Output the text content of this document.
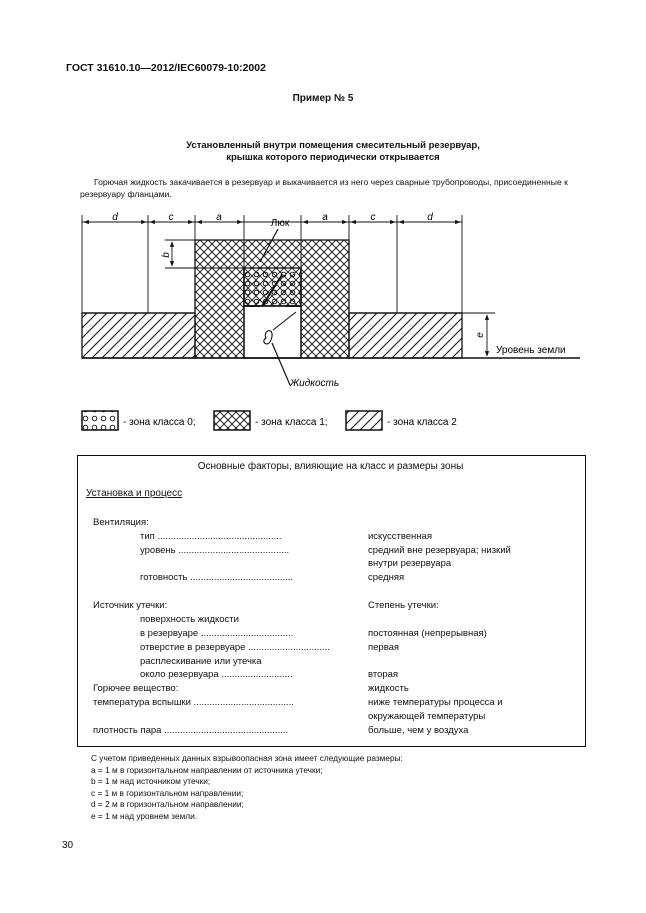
ГОСТ 31610.10—2012/IEC60079-10:2002
Пример № 5
Установленный внутри помещения смесительный резервуар,
крышка которого периодически открывается
Горючая жидкость закачивается в резервуар и выкачивается из него через сварные трубопроводы, присоединенные к резервуару фланцами.
d	c	a	a	c	d
b
e
Люк
Уровень земли
Жидкость
- зона класса 0;	- зона класса 1;	- зона класса 2
Основные факторы, влияющие на класс и размеры зоны
Установка и процесс
Вентиляция:
тип ...............................................	искусственная
уровень ..........................................	средний вне резервуара; низкий
внутри резервуара
готовность .......................................	средняя
Источник утечки:	Степень утечки:
поверхность жидкости
в резервуаре ...................................	постоянная (непрерывная)
отверстие в резервуаре ...............................	первая
расплескивание или утечка
около резервуара ...........................	вторая
Горючее вещество:	жидкость
температура вспышки ......................................	ниже температуры процесса и
окружающей температуры
плотность пара ...............................................	больше, чем у воздуха
С учетом приведенных данных взрывоопасная зона имеет следующие размеры:
a = 1 м в горизонтальном направлении от источника утечки;
b = 1 м над источником утечки;
c = 1 м в горизонтальном направлении;
d = 2 м в горизонтальном направлении;
e = 1 м над уровнем земли.
30
